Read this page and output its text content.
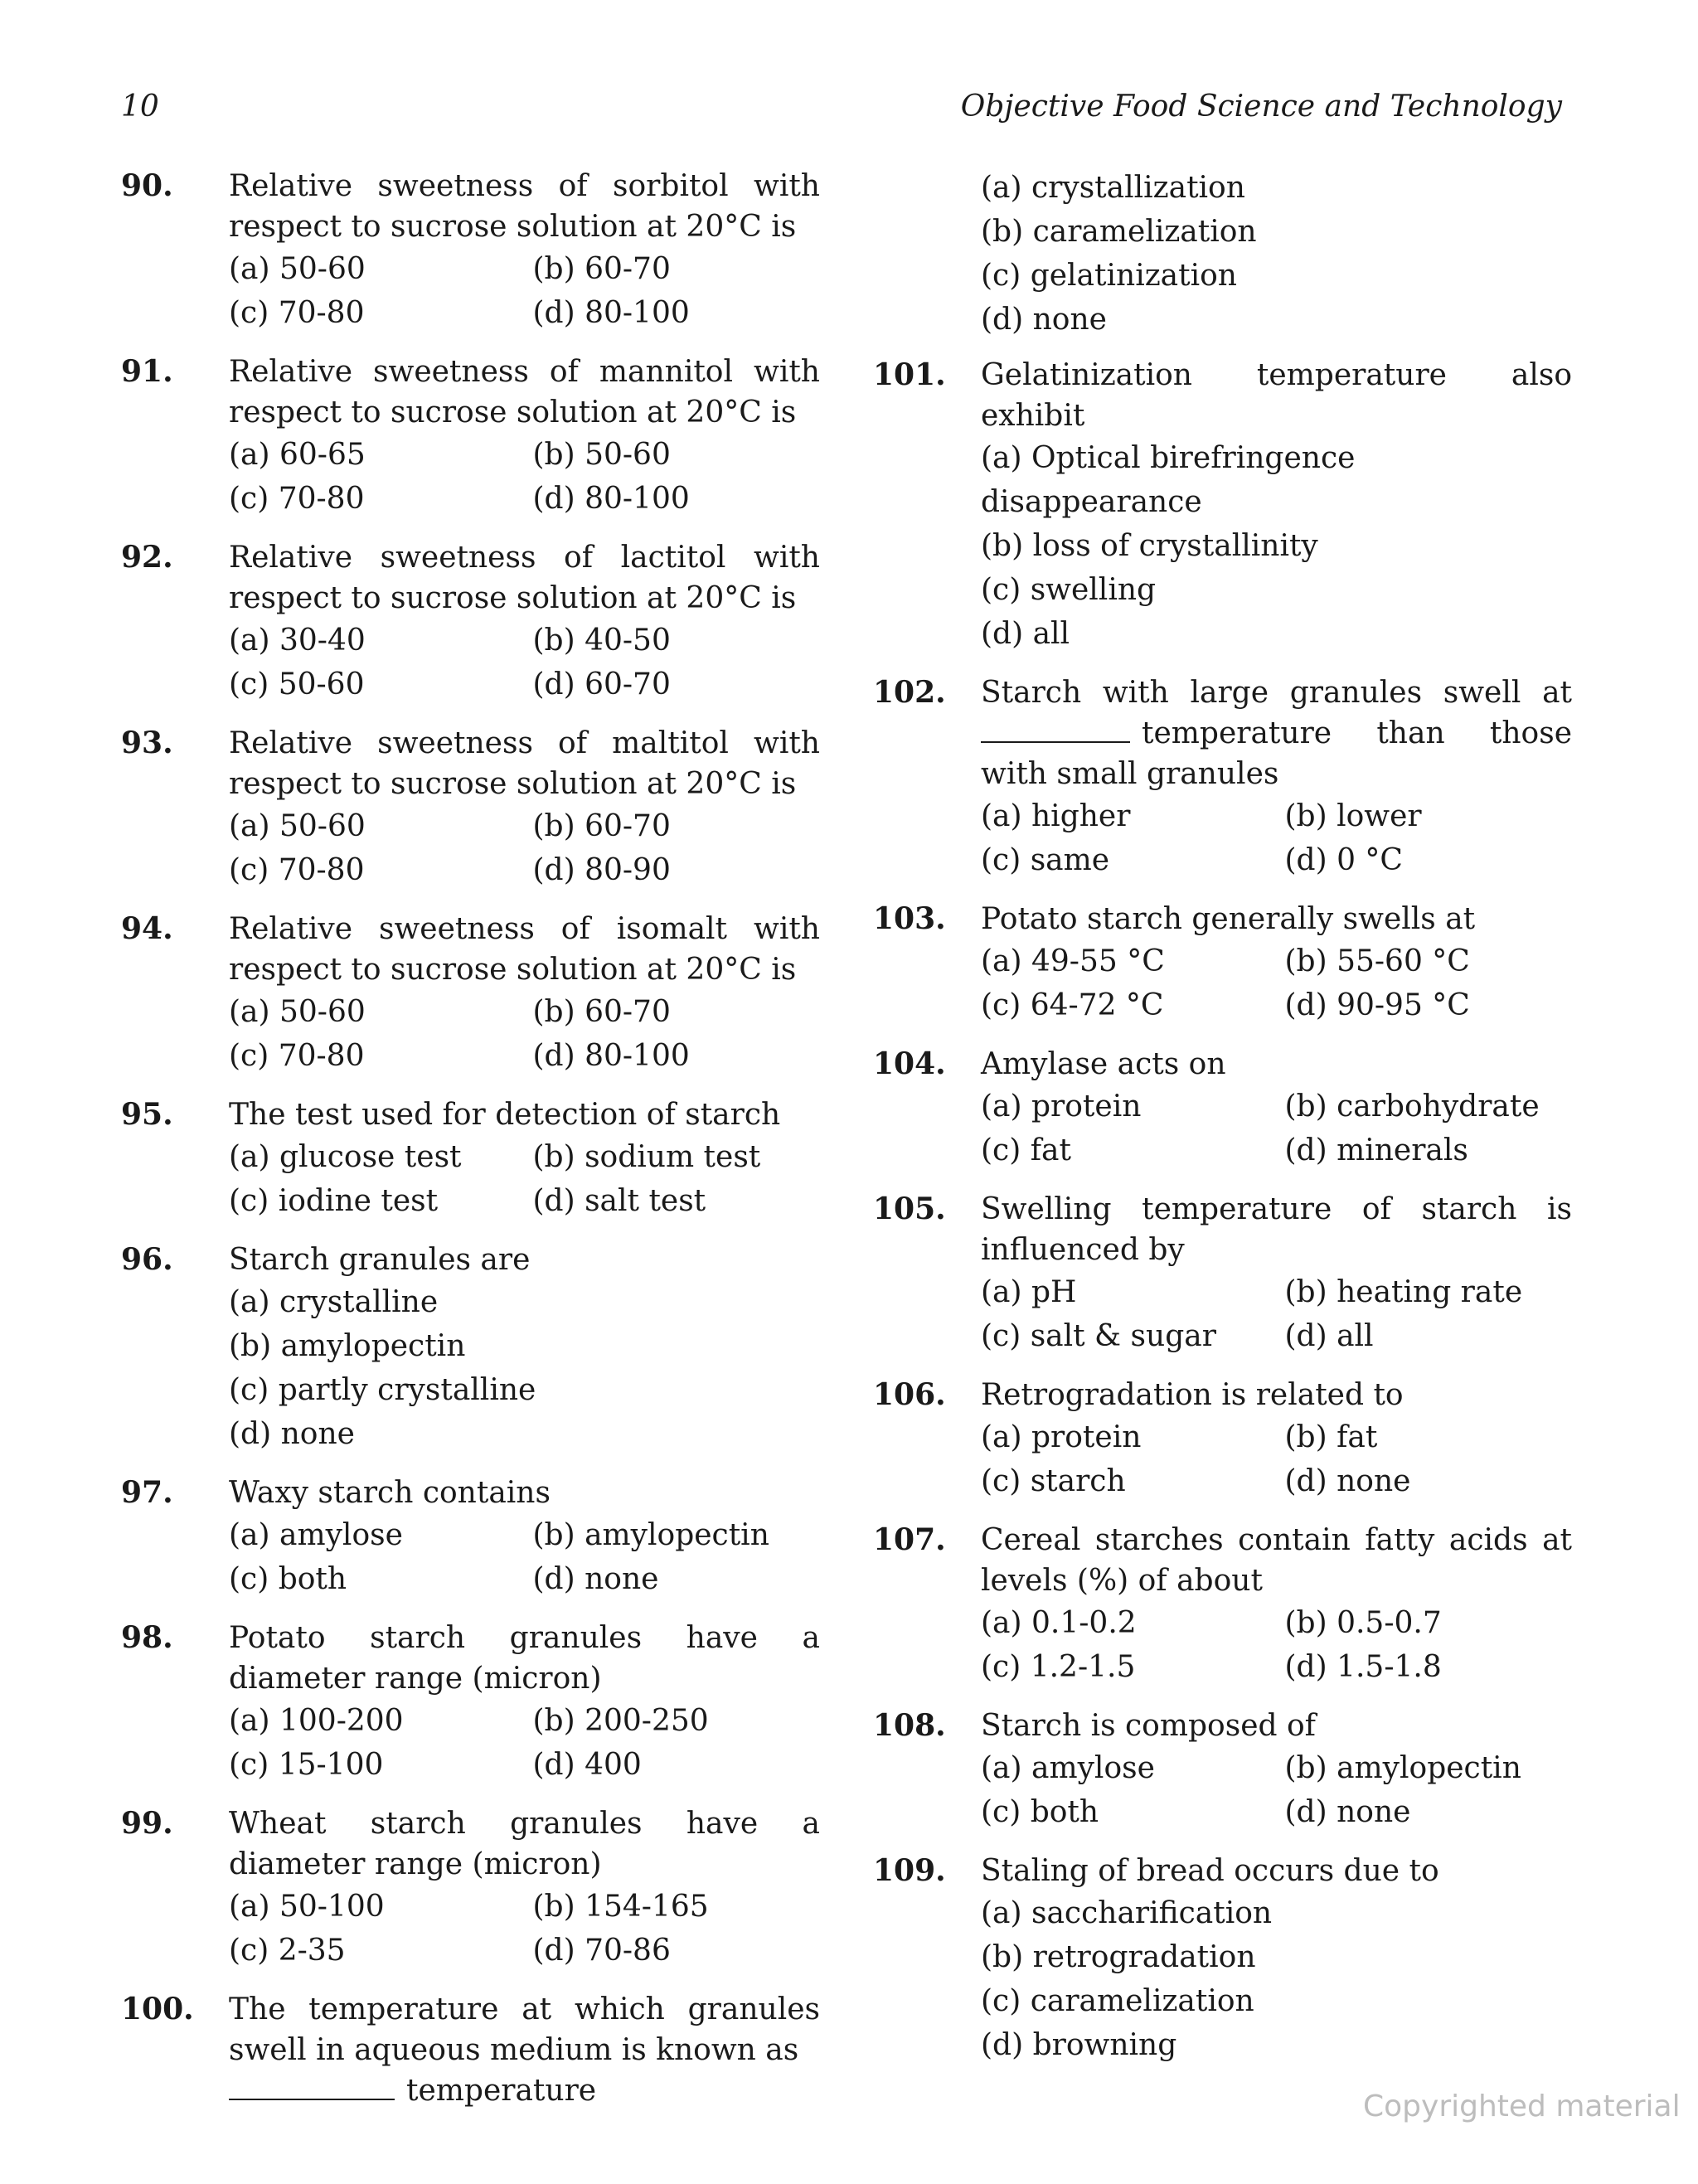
10	Objective Food Science and Technology
90.	Relative sweetness of sorbitol with respect to sucrose solution at 20°C is
(a) 50-60	(b) 60-70
(c) 70-80	(d) 80-100
91.	Relative sweetness of mannitol with respect to sucrose solution at 20°C is
(a) 60-65	(b) 50-60
(c) 70-80	(d) 80-100
92.	Relative sweetness of lactitol with respect to sucrose solution at 20°C is
(a) 30-40	(b) 40-50
(c) 50-60	(d) 60-70
93.	Relative sweetness of maltitol with respect to sucrose solution at 20°C is
(a) 50-60	(b) 60-70
(c) 70-80	(d) 80-90
94.	Relative sweetness of isomalt with respect to sucrose solution at 20°C is
(a) 50-60	(b) 60-70
(c) 70-80	(d) 80-100
95.	The test used for detection of starch
(a) glucose test	(b) sodium test
(c) iodine test	(d) salt test
96.	Starch granules are
(a) crystalline
(b) amylopectin
(c) partly crystalline
(d) none
97.	Waxy starch contains
(a) amylose	(b) amylopectin
(c) both	(d) none
98.	Potato starch granules have a diameter range (micron)
(a) 100-200	(b) 200-250
(c) 15-100	(d) 400
99.	Wheat starch granules have a diameter range (micron)
(a) 50-100	(b) 154-165
(c) 2-35	(d) 70-86
100.	The temperature at which granules swell in aqueous medium is known as
temperature
(a) crystallization
(b) caramelization
(c) gelatinization
(d) none
101.	Gelatinization temperature also exhibit
(a) Optical birefringence disappearance
(b) loss of crystallinity
(c) swelling
(d) all
102.	Starch with large granules swell at temperature than those with small granules
(a) higher	(b) lower
(c) same	(d) 0 °C
103.	Potato starch generally swells at
(a) 49-55 °C	(b) 55-60 °C
(c) 64-72 °C	(d) 90-95 °C
104.	Amylase acts on
(a) protein	(b) carbohydrate
(c) fat	(d) minerals
105.	Swelling temperature of starch is influenced by
(a) pH	(b) heating rate
(c) salt & sugar	(d) all
106.	Retrogradation is related to
(a) protein	(b) fat
(c) starch	(d) none
107.	Cereal starches contain fatty acids at levels (%) of about
(a) 0.1-0.2	(b) 0.5-0.7
(c) 1.2-1.5	(d) 1.5-1.8
108.	Starch is composed of
(a) amylose	(b) amylopectin
(c) both	(d) none
109.	Staling of bread occurs due to
(a) saccharification
(b) retrogradation
(c) caramelization
(d) browning
Copyrighted material
